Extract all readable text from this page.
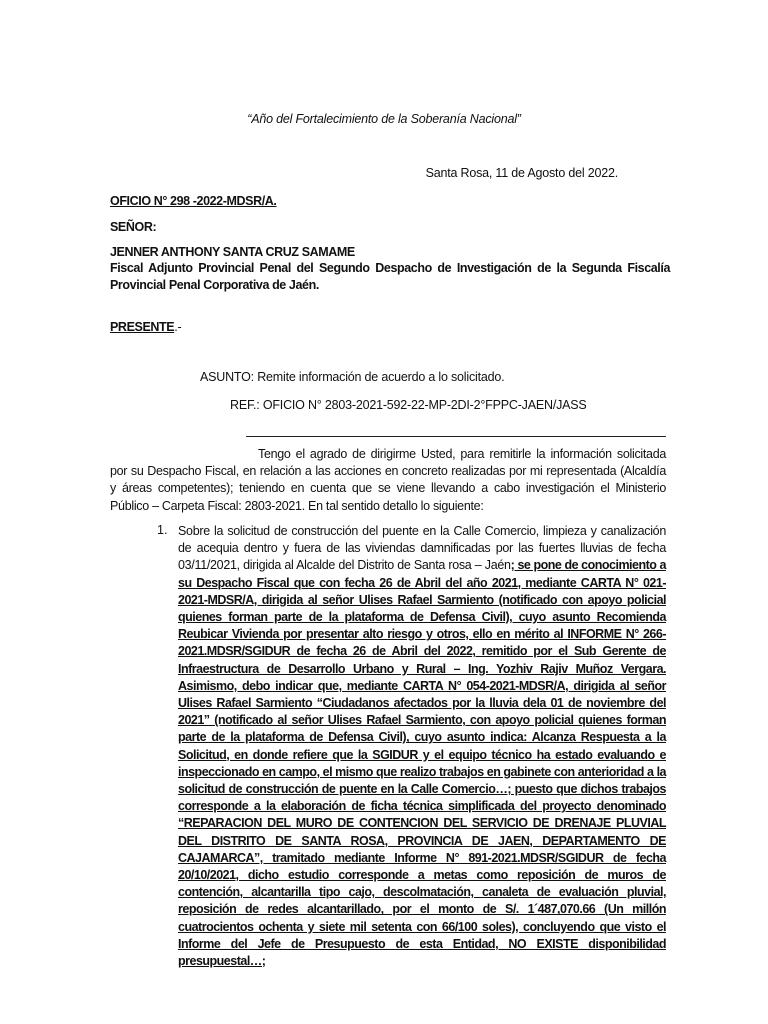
“Año del Fortalecimiento de la Soberanía Nacional”
Santa Rosa, 11 de Agosto del 2022.
OFICIO N° 298 -2022-MDSR/A.
SEÑOR:
JENNER ANTHONY SANTA CRUZ SAMAME
Fiscal Adjunto Provincial Penal del Segundo Despacho de Investigación de la Segunda Fiscalía Provincial Penal Corporativa de Jaén.
PRESENTE.-
ASUNTO: Remite información de acuerdo a lo solicitado.
REF.: OFICIO N° 2803-2021-592-22-MP-2DI-2°FPPC-JAEN/JASS
Tengo el agrado de dirigirme Usted, para remitirle la información solicitada por su Despacho Fiscal, en relación a las acciones en concreto realizadas por mi representada (Alcaldía y áreas competentes); teniendo en cuenta que se viene llevando a cabo investigación el Ministerio Público – Carpeta Fiscal: 2803-2021. En tal sentido detallo lo siguiente:
1. Sobre la solicitud de construcción del puente en la Calle Comercio, limpieza y canalización de acequia dentro y fuera de las viviendas damnificadas por las fuertes lluvias de fecha 03/11/2021, dirigida al Alcalde del Distrito de Santa rosa – Jaén; se pone de conocimiento a su Despacho Fiscal que con fecha 26 de Abril del año 2021, mediante CARTA N° 021-2021-MDSR/A, dirigida al señor Ulises Rafael Sarmiento (notificado con apoyo policial quienes forman parte de la plataforma de Defensa Civil), cuyo asunto Recomienda Reubicar Vivienda por presentar alto riesgo y otros, ello en mérito al INFORME N° 266-2021.MDSR/SGIDUR de fecha 26 de Abril del 2022, remitido por el Sub Gerente de Infraestructura de Desarrollo Urbano y Rural – Ing. Yozhiv Rajiv Muñoz Vergara. Asimismo, debo indicar que, mediante CARTA N° 054-2021-MDSR/A, dirigida al señor Ulises Rafael Sarmiento “Ciudadanos afectados por la lluvia dela 01 de noviembre del 2021” (notificado al señor Ulises Rafael Sarmiento, con apoyo policial quienes forman parte de la plataforma de Defensa Civil), cuyo asunto indica: Alcanza Respuesta a la Solicitud, en donde refiere que la SGIDUR y el equipo técnico ha estado evaluando e inspeccionado en campo, el mismo que realizo trabajos en gabinete con anterioridad a la solicitud de construcción de puente en la Calle Comercio…; puesto que dichos trabajos corresponde a la elaboración de ficha técnica simplificada del proyecto denominado “REPARACION DEL MURO DE CONTENCION DEL SERVICIO DE DRENAJE PLUVIAL DEL DISTRITO DE SANTA ROSA, PROVINCIA DE JAEN, DEPARTAMENTO DE CAJAMARCA”, tramitado mediante Informe N° 891-2021.MDSR/SGIDUR de fecha 20/10/2021, dicho estudio corresponde a metas como reposición de muros de contención, alcantarilla tipo cajo, descolmatación, canaleta de evaluación pluvial, reposición de redes alcantarillado, por el monto de S/. 1´487,070.66 (Un millón cuatrocientos ochenta y siete mil setenta con 66/100 soles), concluyendo que visto el Informe del Jefe de Presupuesto de esta Entidad, NO EXISTE disponibilidad presupuestal…;
